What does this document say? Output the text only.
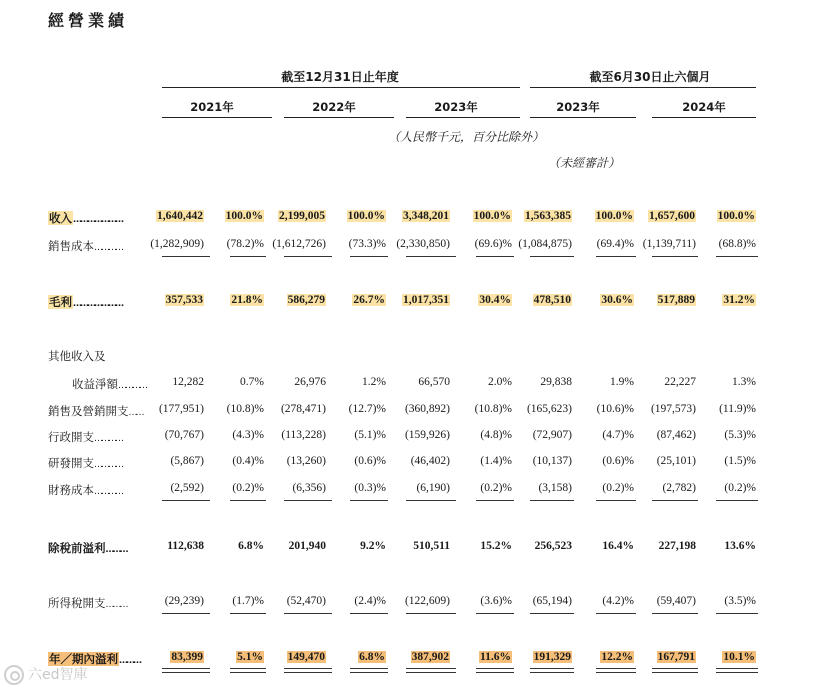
經營業績
截至12月31日止年度	截至6月30日止六個月
2021年	2022年	2023年	2023年	2024年
（人民幣千元，百分比除外）
（未經審計）
收入…………………	1,640,442	100.0%	2,199,005	100.0%	3,348,201	100.0%	1,563,385	100.0%	1,657,600	100.0%
銷售成本…………	(1,282,909)	(78.2)% (1,612,726)	(73.3)% (2,330,850)	(69.6)% (1,084,875)	(69.4)% (1,139,711)	(68.8)%
毛利…………………	357,533	21.8%	586,279	26.7%	1,017,351	30.4%	478,510	30.6%	517,889	31.2%
其他收入及
收益淨額…………	12,282	0.7%	26,976	1.2%	66,570	2.0%	29,838	1.9%	22,227	1.3%
銷售及營銷開支……	(177,951)	(10.8)%	(278,471)	(12.7)%	(360,892)	(10.8)%	(165,623)	(10.6)%	(197,573)	(11.9)%
行政開支…………	(70,767)	(4.3)%	(113,228)	(5.1)%	(159,926)	(4.8)%	(72,907)	(4.7)%	(87,462)	(5.3)%
研發開支…………	(5,867)	(0.4)%	(13,260)	(0.6)%	(46,402)	(1.4)%	(10,137)	(0.6)%	(25,101)	(1.5)%
財務成本…………	(2,592)	(0.2)%	(6,356)	(0.3)%	(6,190)	(0.2)%	(3,158)	(0.2)%	(2,782)	(0.2)%
除稅前溢利………	112,638	6.8%	201,940	9.2%	510,511	15.2%	256,523	16.4%	227,198	13.6%
所得稅開支………	(29,239)	(1.7)%	(52,470)	(2.4)%	(122,609)	(3.6)%	(65,194)	(4.2)%	(59,407)	(3.5)%
年／期內溢利………	83,399	5.1%	149,470	6.8%	387,902	11.6%	191,329	12.2%	167,791	10.1%
六ed智庫
